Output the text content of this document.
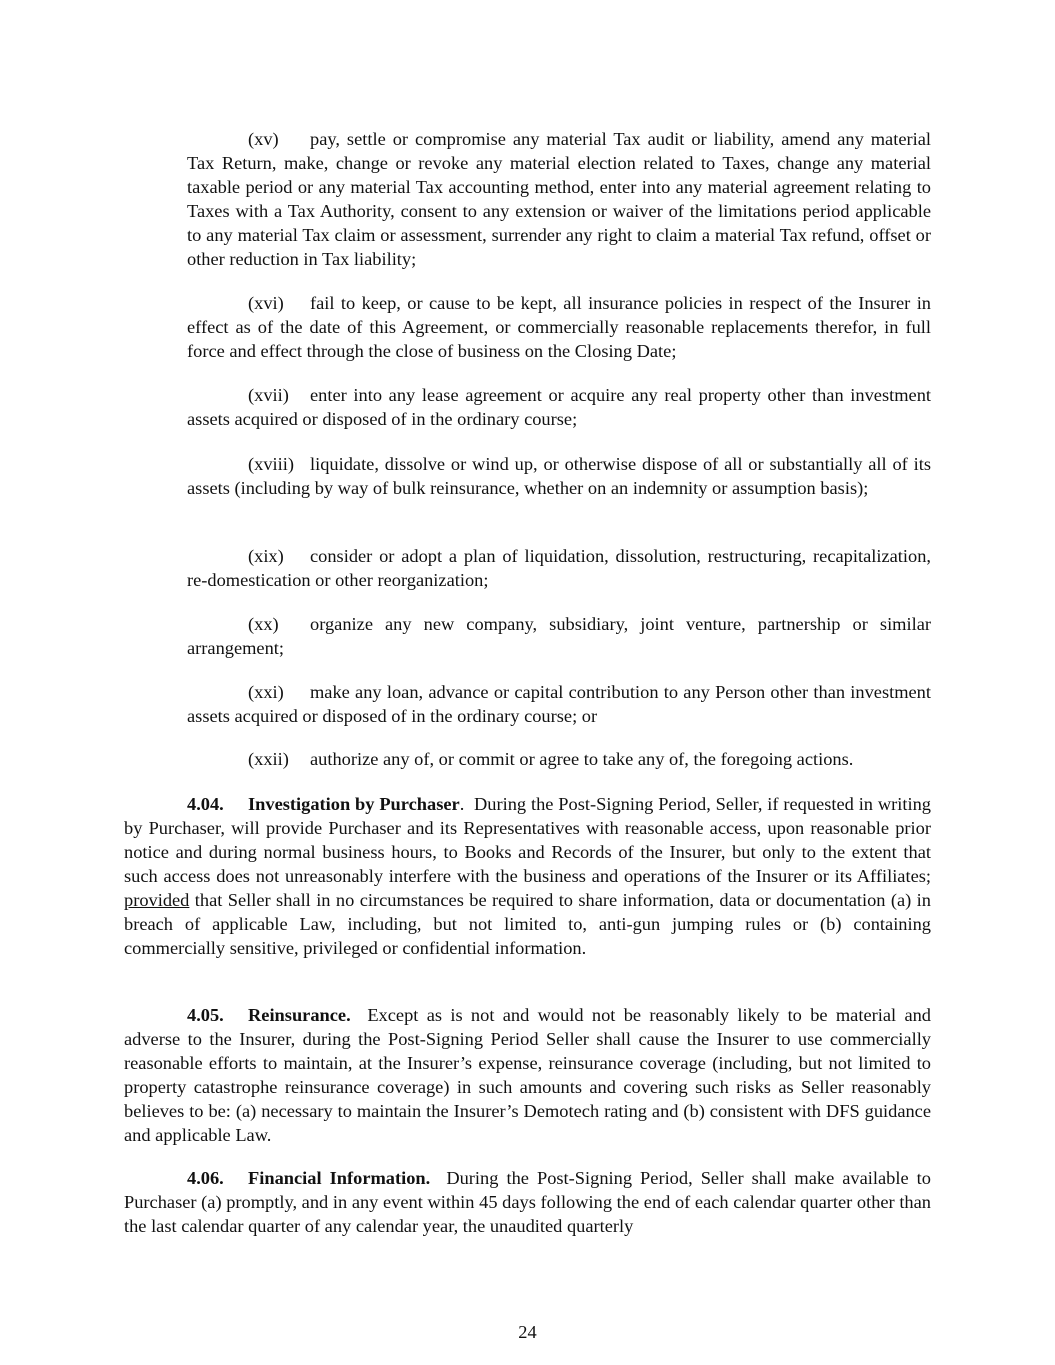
(xv) pay, settle or compromise any material Tax audit or liability, amend any material Tax Return, make, change or revoke any material election related to Taxes, change any material taxable period or any material Tax accounting method, enter into any material agreement relating to Taxes with a Tax Authority, consent to any extension or waiver of the limitations period applicable to any material Tax claim or assessment, surrender any right to claim a material Tax refund, offset or other reduction in Tax liability;

(xvi) fail to keep, or cause to be kept, all insurance policies in respect of the Insurer in effect as of the date of this Agreement, or commercially reasonable replacements therefor, in full force and effect through the close of business on the Closing Date;

(xvii) enter into any lease agreement or acquire any real property other than investment assets acquired or disposed of in the ordinary course;

(xviii) liquidate, dissolve or wind up, or otherwise dispose of all or substantially all of its assets (including by way of bulk reinsurance, whether on an indemnity or assumption basis);

(xix) consider or adopt a plan of liquidation, dissolution, restructuring, recapitalization, re-domestication or other reorganization;

(xx) organize any new company, subsidiary, joint venture, partnership or similar arrangement;

(xxi) make any loan, advance or capital contribution to any Person other than investment assets acquired or disposed of in the ordinary course; or

(xxii) authorize any of, or commit or agree to take any of, the foregoing actions.

4.04. Investigation by Purchaser. During the Post-Signing Period, Seller, if requested in writing by Purchaser, will provide Purchaser and its Representatives with reasonable access, upon reasonable prior notice and during normal business hours, to Books and Records of the Insurer, but only to the extent that such access does not unreasonably interfere with the business and operations of the Insurer or its Affiliates; provided that Seller shall in no circumstances be required to share information, data or documentation (a) in breach of applicable Law, including, but not limited to, anti-gun jumping rules or (b) containing commercially sensitive, privileged or confidential information.

4.05. Reinsurance. Except as is not and would not be reasonably likely to be material and adverse to the Insurer, during the Post-Signing Period Seller shall cause the Insurer to use commercially reasonable efforts to maintain, at the Insurer’s expense, reinsurance coverage (including, but not limited to property catastrophe reinsurance coverage) in such amounts and covering such risks as Seller reasonably believes to be: (a) necessary to maintain the Insurer’s Demotech rating and (b) consistent with DFS guidance and applicable Law.

4.06. Financial Information. During the Post-Signing Period, Seller shall make available to Purchaser (a) promptly, and in any event within 45 days following the end of each calendar quarter other than the last calendar quarter of any calendar year, the unaudited quarterly

24
